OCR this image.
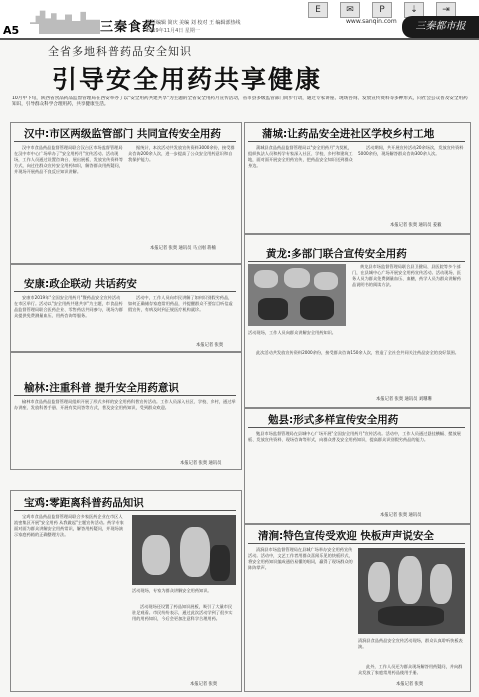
A5	三秦食药
责任编辑 简庆 美编 刘 校对 王 编辑部热线
2019年11月4日 星期一
www.sanqin.com
E	✉	P	⇣	⇥
三秦都市报
全省多地科普药品安全知识
引导安全用药共享健康
10月中下旬，陕西省食品药品监督管理局在西安举办了以"安全用药共建共享"为主题的全省安全用药月宣传活动，省市县多级监管部门同步行动，通过专家讲座、现场咨询、发放宣传资料等多种形式，向社会公众普及安全用药知识，引导群众科学合理用药，共享健康生活。
汉中:市区两级监管部门 共同宣传安全用药
汉中市食品药品监督管理局联合汉台区市场监督管理局在汉中市中心广场举办了"安全用药月"宣传活动。活动现场，工作人员通过设置咨询台、展出展板、发放宣传资料等方式，向过往群众宣传安全用药知识，解答群众用药疑问，并现场开展药品不良反应知识讲解。
据统计，本次活动共发放宣传资料3000余份，接受群众咨询200余人次，进一步提高了公众安全用药意识和自我保护能力。
本报记者 张奥 通讯员 马立刚 蒋楠
安康:政企联动 共话药安
安康市2019年"全国安全用药月"暨药品安全宣传活动在市区举行。活动以"安全用药共建共享"为主题，市食品药品监督管理局联合医药企业、零售药店共同参与，现场为群众提供免费测量血压、用药咨询等服务。
活动中，工作人员向市民讲解了如何识别假劣药品，如何正确储存家庭常用药品，并提醒群众不要盲目听信虚假宣传，有病及时到正规医疗机构就诊。
本报记者 张奥
榆林:注重科普 提升安全用药意识
榆林市食品药品监督管理局组织开展了形式多样的安全用药科普宣传活动。工作人员深入社区、学校、乡村，通过举办讲座、发放科普手册、开展有奖问答等方式，普及安全用药知识，受到群众欢迎。
本报记者 张奥 通讯员
宝鸡:零距离科普药品知识
宝鸡市食品药品监督管理局联合多家医药企业在市区人流密集区开展"安全用药 从我做起"主题宣传活动。药学专家面对面为群众讲解安全用药常识，解答用药疑问，并现场演示家庭药箱的正确整理方法。
活动现场，专家为群众讲解安全用药知识。
活动现场还设置了药品知识展板，吸引了大量市民驻足观看。市民纷纷表示，通过此次活动学到了很多实用的用药知识，今后会更加注意科学合理用药。
本报记者 张奥
蒲城:让药品安全进社区学校乡村工地
蒲城县食品药品监督管理局以"安全用药月"为契机，组织执法人员和药学专家深入社区、学校、乡村和建筑工地，面对面开展安全用药宣传，把药品安全知识送到群众身边。
活动期间，共开展宣传活动20余场次，发放宣传资料5000余份，现场解答群众咨询300余人次。
本报记者 张奥 通讯员 姜毅
黄龙:多部门联合宣传安全用药
黄龙县市场监督管理局联合县卫健局、县医院等多个部门，在县城中心广场开展安全用药宣传活动。活动现场，医务人员为群众免费测量血压、血糖，药学人员为群众讲解药品说明书的阅读方法。
活动现场，工作人员向群众讲解安全用药知识。
此次活动共发放宣传资料2000余份，接受群众咨询150余人次，营造了全社会共同关注药品安全的良好氛围。
本报记者 张奥 通讯员 刘珊珊
勉县:形式多样宣传安全用药
勉县市场监督管理局在县城中心广场开展"全国安全用药月"宣传活动。活动中，工作人员通过悬挂横幅、摆放展板、发放宣传资料、现场咨询等形式，向群众普及安全用药知识，提高群众识别假劣药品的能力。
本报记者 张奥 通讯员
清涧:特色宣传受欢迎 快板声声说安全
清涧县市场监督管理局在县城广场举办安全用药宣传活动。活动中，文艺工作者用群众喜闻乐见的快板形式，将安全用药知识编成通俗易懂的唱词，赢得了现场群众的阵阵掌声。
清涧县食品药品安全宣传活动现场，群众认真聆听快板表演。
此外，工作人员还为群众现场解答用药疑问，并向群众发放了家庭常用药品使用手册。
本报记者 张奥
